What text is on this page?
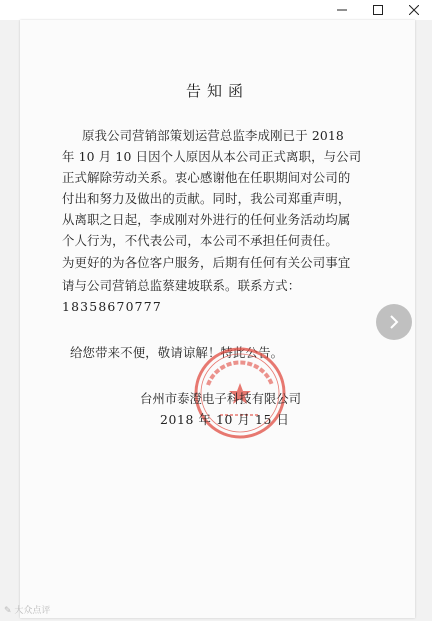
告知函
原我公司营销部策划运营总监李成刚已于 2018
年 10 月 10 日因个人原因从本公司正式离职，与公司
正式解除劳动关系。衷心感谢他在任职期间对公司的
付出和努力及做出的贡献。同时，我公司郑重声明，
从离职之日起，李成刚对外进行的任何业务活动均属
个人行为，不代表公司，本公司不承担任何责任。
为更好的为各位客户服务，后期有任何有关公司事宜
请与公司营销总监蔡建坡联系。联系方式：
18358670777
给您带来不便，敬请谅解！特此公告。
台州市泰澄电子科技有限公司
2018 年 10 月 15 日
✎ 大众点评
